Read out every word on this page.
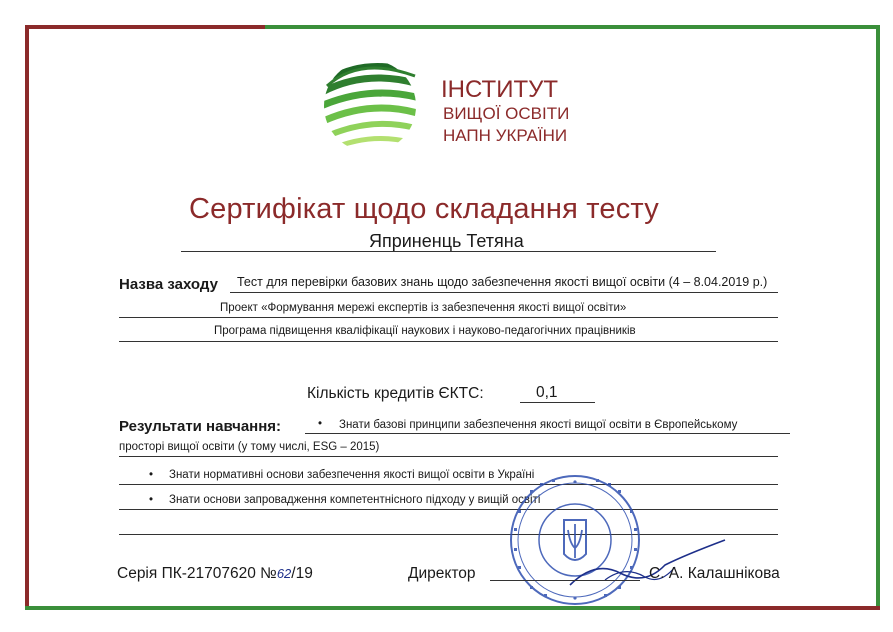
ІНСТИТУТ
ВИЩОЇ ОСВІТИ
НАПН УКРАЇНИ
Сертифікат щодо складання тесту
Яприненць Тетяна
Назва заходу Тест для перевірки базових знань щодо забезпечення якості вищої освіти (4 – 8.04.2019 р.)
Проект «Формування мережі експертів із забезпечення якості вищої освіти»
Програма підвищення кваліфікації наукових і науково-педагогічних працівників
Кількість кредитів ЄКТС:	0,1
Результати навчання:	• Знати базові принципи забезпечення якості вищої освіти в Європейському
просторі вищої освіти (у тому числі, ESG – 2015)
• Знати нормативні основи забезпечення якості вищої освіти в Україні
• Знати основи запровадження компетентнісного підходу у вищій освіті
Серія ПК-21707620 №62/19	Директор	С. А. Калашнікова
